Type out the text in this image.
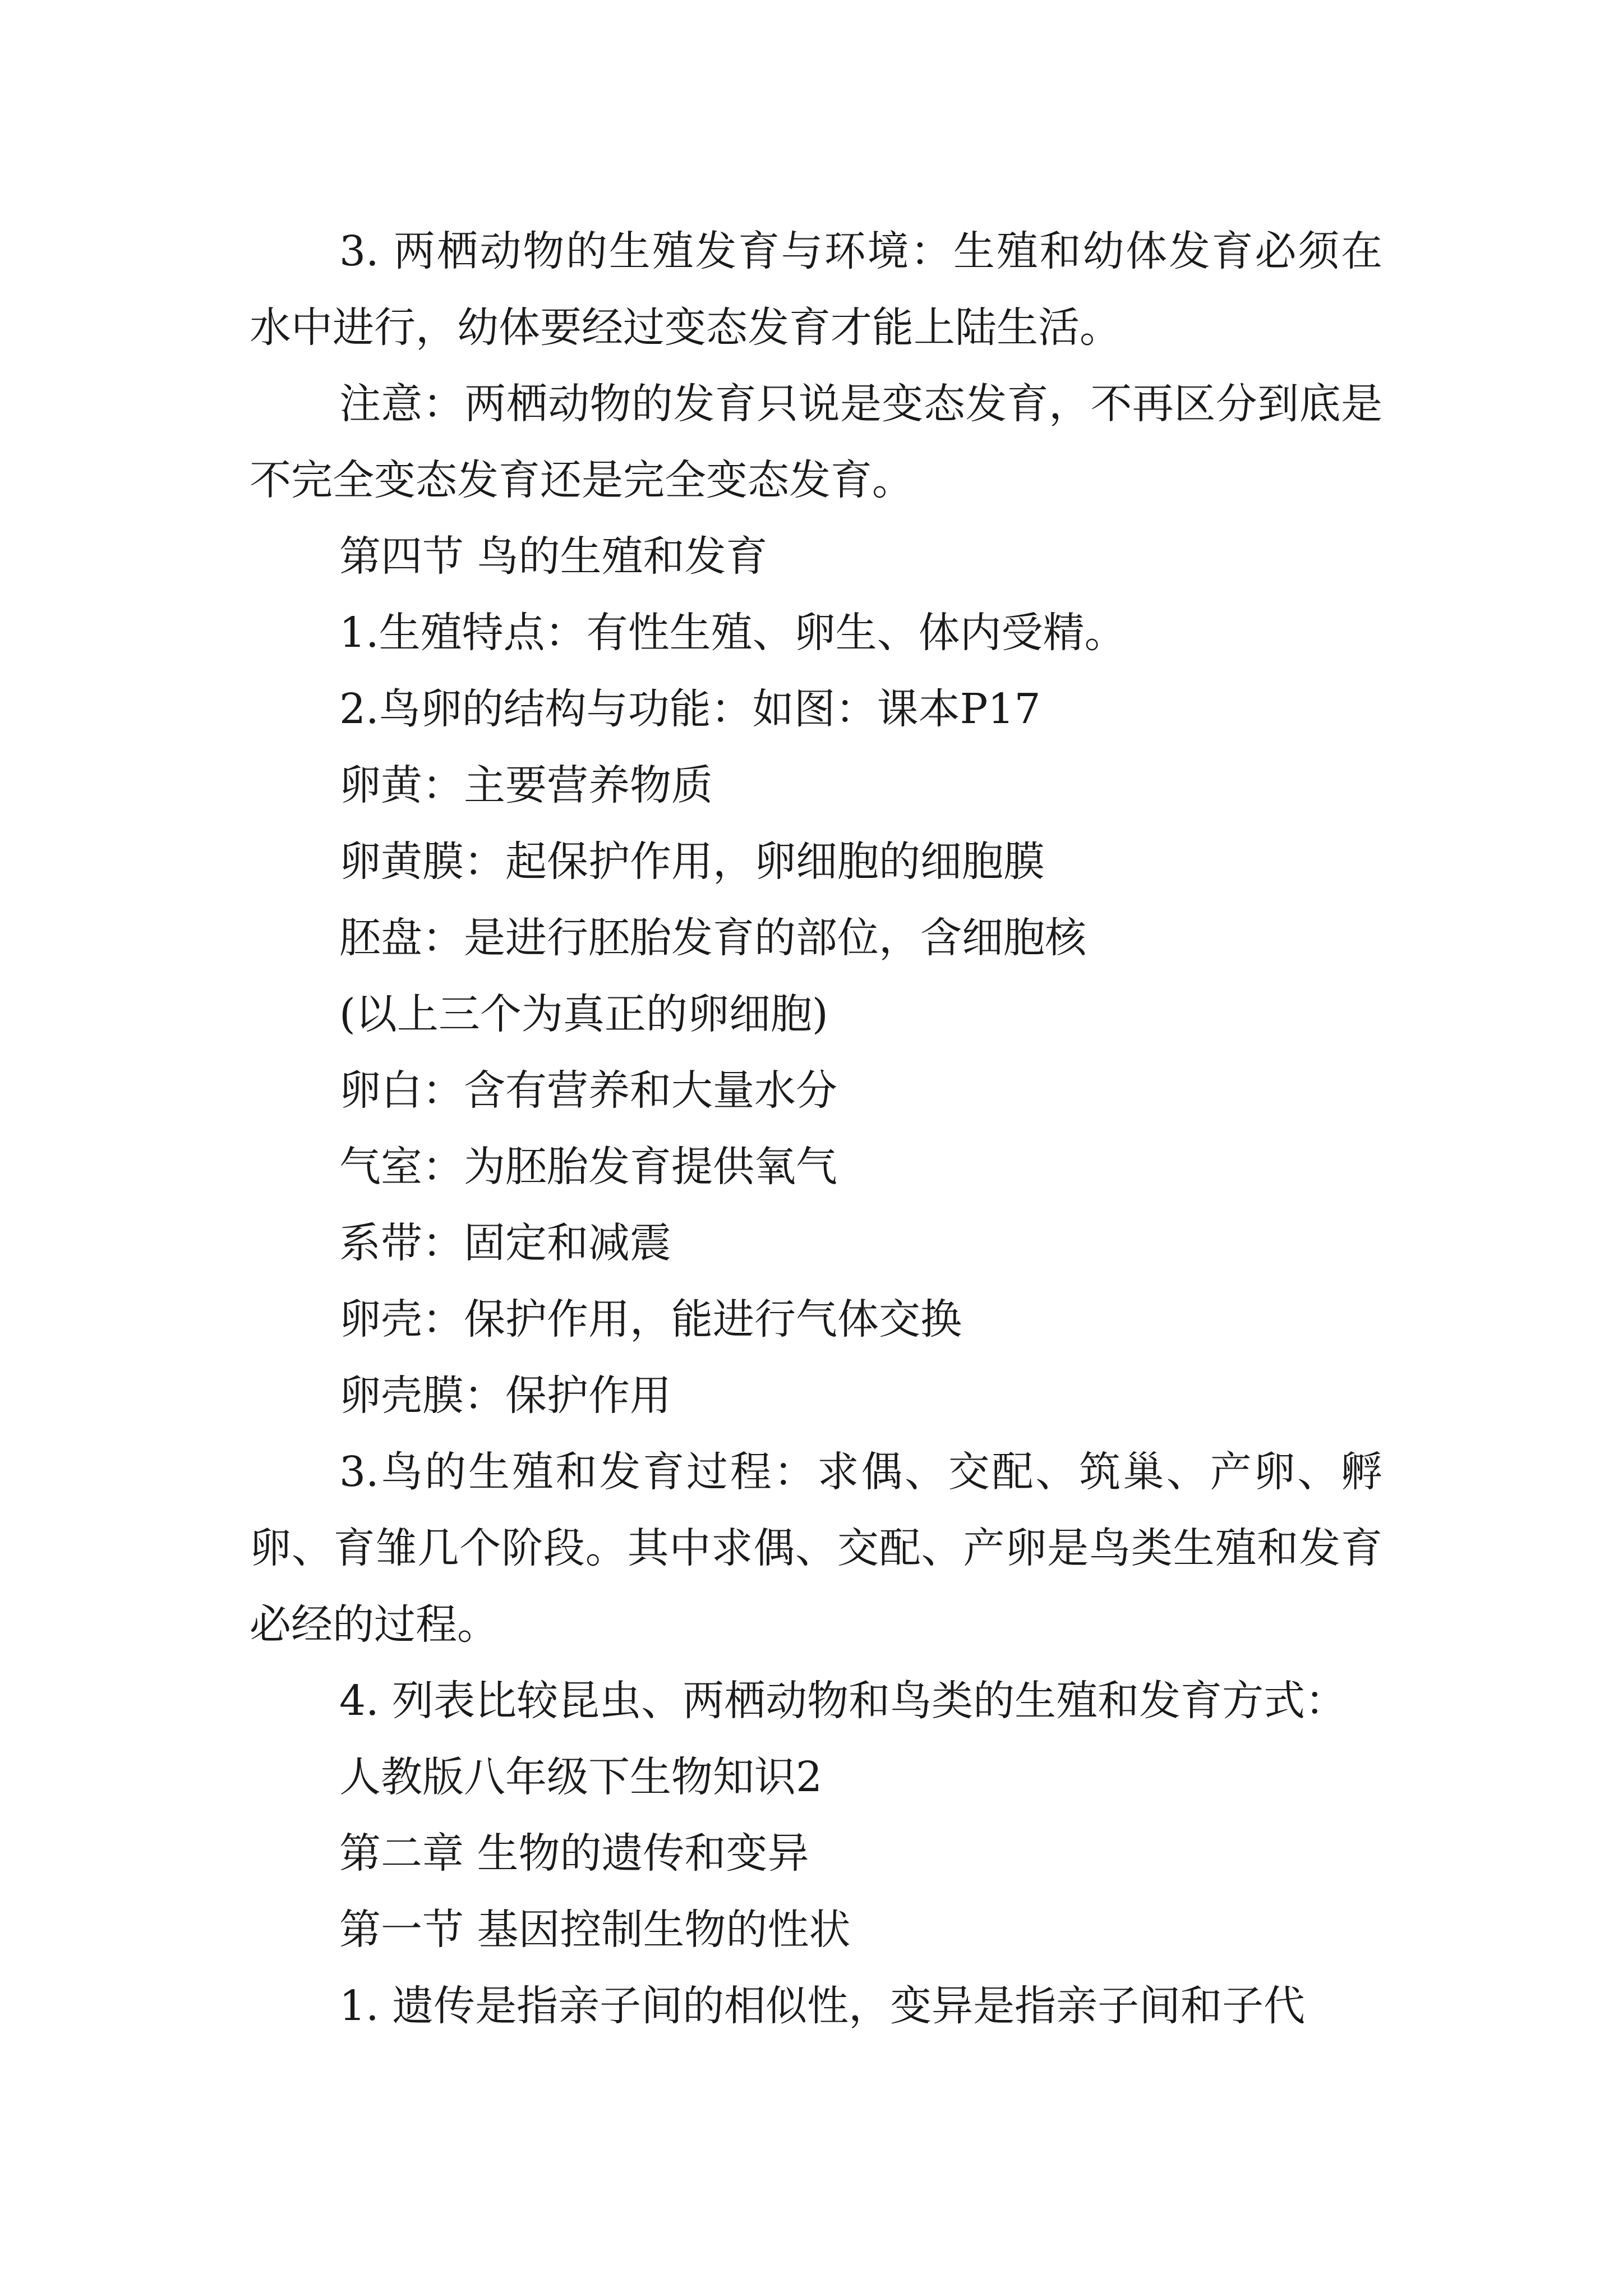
3. 两栖动物的生殖发育与环境：生殖和幼体发育必须在水中进行，幼体要经过变态发育才能上陆生活。

注意：两栖动物的发育只说是变态发育，不再区分到底是不完全变态发育还是完全变态发育。

第四节 鸟的生殖和发育

1.生殖特点：有性生殖、卵生、体内受精。

2.鸟卵的结构与功能：如图：课本P17

卵黄：主要营养物质

卵黄膜：起保护作用，卵细胞的细胞膜

胚盘：是进行胚胎发育的部位，含细胞核

(以上三个为真正的卵细胞)

卵白：含有营养和大量水分

气室：为胚胎发育提供氧气

系带：固定和减震

卵壳：保护作用，能进行气体交换

卵壳膜：保护作用

3.鸟的生殖和发育过程：求偶、交配、筑巢、产卵、孵卵、育雏几个阶段。其中求偶、交配、产卵是鸟类生殖和发育必经的过程。

4. 列表比较昆虫、两栖动物和鸟类的生殖和发育方式：

人教版八年级下生物知识2

第二章 生物的遗传和变异

第一节 基因控制生物的性状

1. 遗传是指亲子间的相似性，变异是指亲子间和子代
